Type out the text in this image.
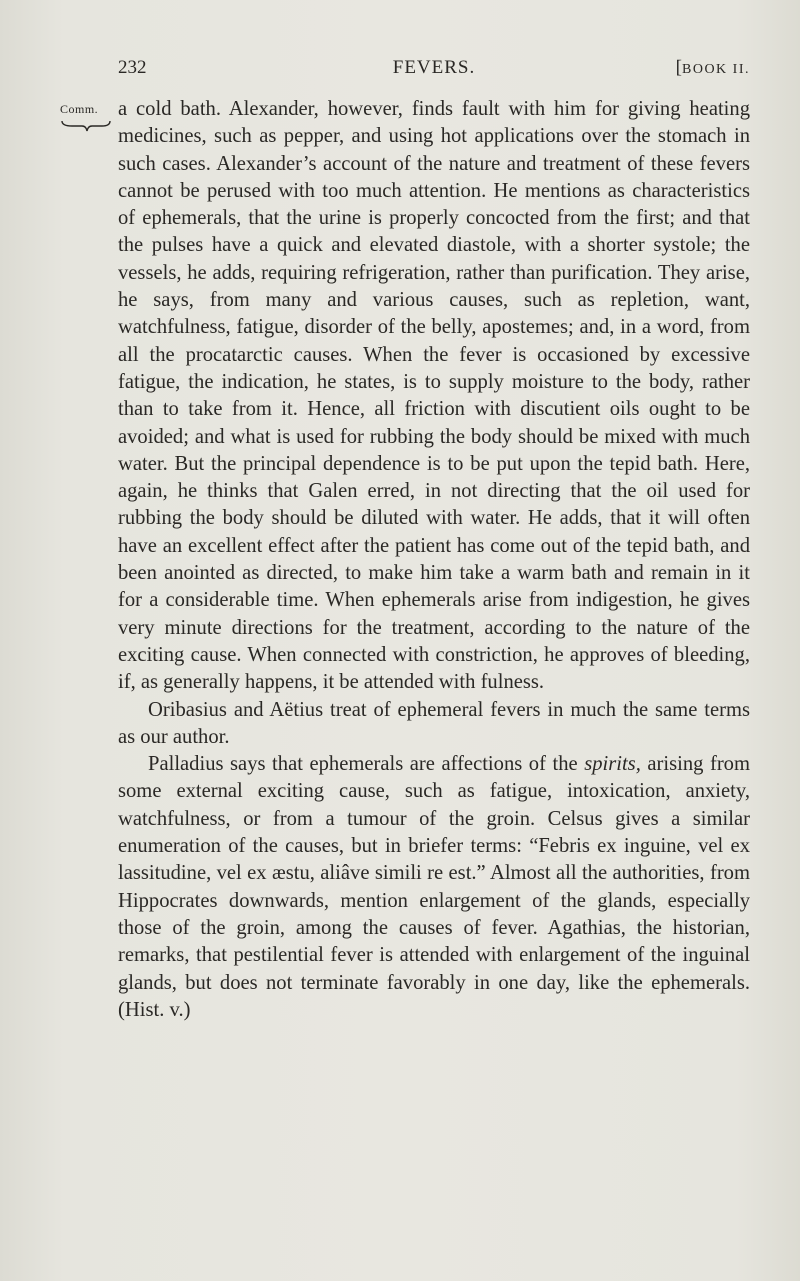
232	FEVERS.	[BOOK II.
Comm. a cold bath. Alexander, however, finds fault with him for giving heating medicines, such as pepper, and using hot applications over the stomach in such cases. Alexander’s account of the nature and treatment of these fevers cannot be perused with too much attention. He mentions as characteristics of ephemerals, that the urine is properly concocted from the first; and that the pulses have a quick and elevated diastole, with a shorter systole; the vessels, he adds, requiring refrigeration, rather than purification. They arise, he says, from many and various causes, such as repletion, want, watchfulness, fatigue, disorder of the belly, apostemes; and, in a word, from all the procatarctic causes. When the fever is occasioned by excessive fatigue, the indication, he states, is to supply moisture to the body, rather than to take from it. Hence, all friction with discutient oils ought to be avoided; and what is used for rubbing the body should be mixed with much water. But the principal dependence is to be put upon the tepid bath. Here, again, he thinks that Galen erred, in not directing that the oil used for rubbing the body should be diluted with water. He adds, that it will often have an excellent effect after the patient has come out of the tepid bath, and been anointed as directed, to make him take a warm bath and remain in it for a considerable time. When ephemerals arise from indigestion, he gives very minute directions for the treatment, according to the nature of the exciting cause. When connected with constriction, he approves of bleeding, if, as generally happens, it be attended with fulness.

Oribasius and Aëtius treat of ephemeral fevers in much the same terms as our author.

Palladius says that ephemerals are affections of the spirits, arising from some external exciting cause, such as fatigue, intoxication, anxiety, watchfulness, or from a tumour of the groin. Celsus gives a similar enumeration of the causes, but in briefer terms: “Febris ex inguine, vel ex lassitudine, vel ex æstu, aliâve simili re est.” Almost all the authorities, from Hippocrates downwards, mention enlargement of the glands, especially those of the groin, among the causes of fever. Agathias, the historian, remarks, that pestilential fever is attended with enlargement of the inguinal glands, but does not terminate favorably in one day, like the ephemerals. (Hist. v.)
